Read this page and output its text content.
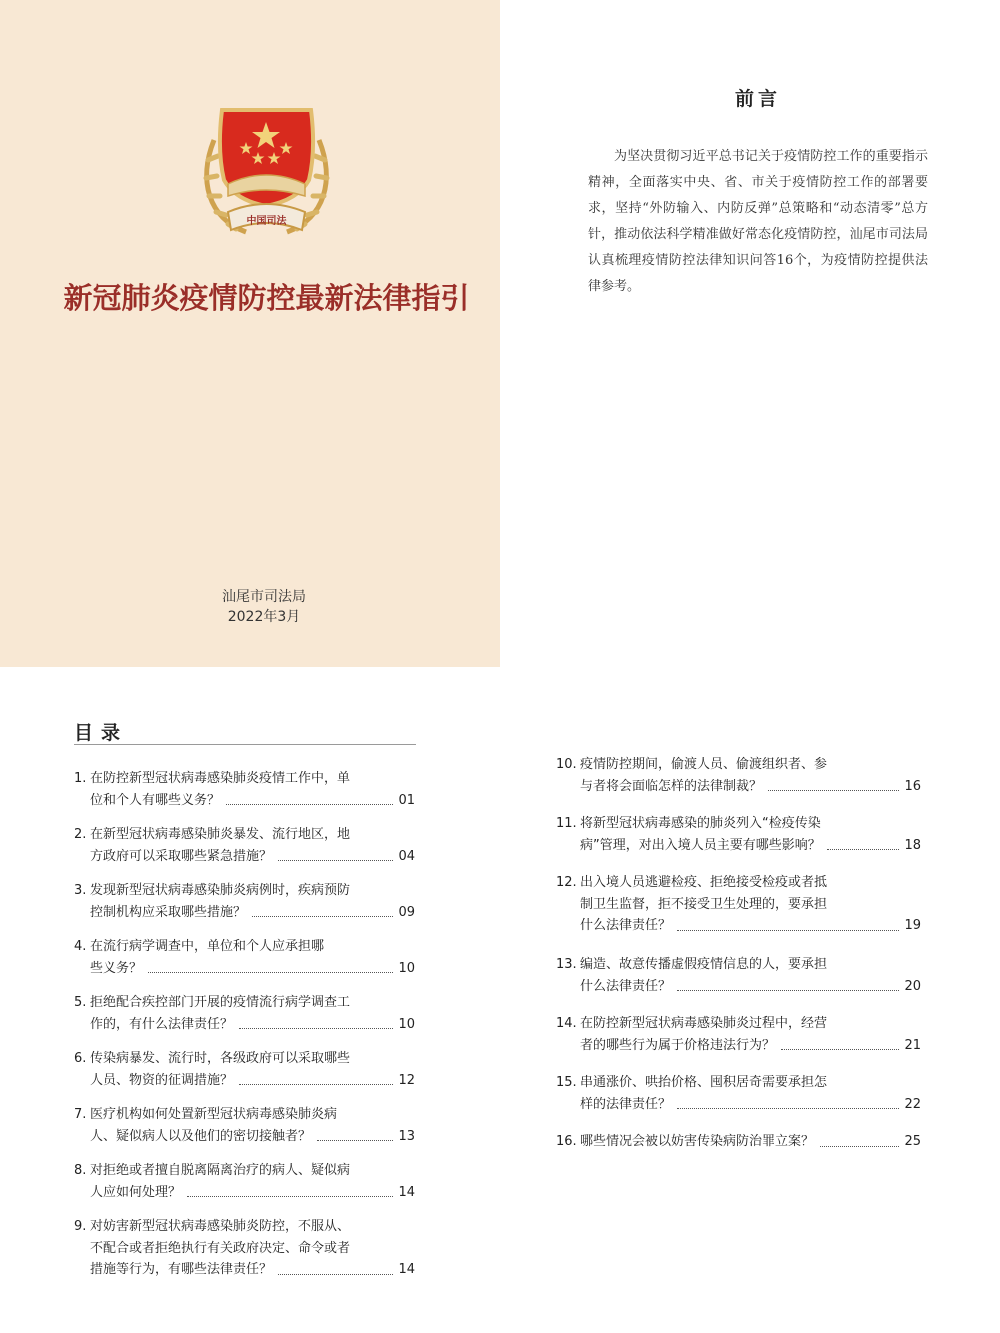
中国司法
新冠肺炎疫情防控最新法律指引
汕尾市司法局
2022年3月
前言

为坚决贯彻习近平总书记关于疫情防控工作的重要指示精神，全面落实中央、省、市关于疫情防控工作的部署要求，坚持“外防输入、内防反弹”总策略和“动态清零”总方针，推动依法科学精准做好常态化疫情防控，汕尾市司法局认真梳理疫情防控法律知识问答16个，为疫情防控提供法律参考。

目录
1. 在防控新型冠状病毒感染肺炎疫情工作中，单
位和个人有哪些义务？	01
2. 在新型冠状病毒感染肺炎暴发、流行地区，地
方政府可以采取哪些紧急措施？	04
3. 发现新型冠状病毒感染肺炎病例时，疾病预防
控制机构应采取哪些措施？	09
4. 在流行病学调查中，单位和个人应承担哪
些义务？	10
5. 拒绝配合疾控部门开展的疫情流行病学调查工
作的，有什么法律责任？	10
6. 传染病暴发、流行时，各级政府可以采取哪些
人员、物资的征调措施？	12
7. 医疗机构如何处置新型冠状病毒感染肺炎病
人、疑似病人以及他们的密切接触者？	13
8. 对拒绝或者擅自脱离隔离治疗的病人、疑似病
人应如何处理？	14
9. 对妨害新型冠状病毒感染肺炎防控，不服从、
不配合或者拒绝执行有关政府决定、命令或者
措施等行为，有哪些法律责任？	14
10. 疫情防控期间，偷渡人员、偷渡组织者、参
与者将会面临怎样的法律制裁？	16
11. 将新型冠状病毒感染的肺炎列入“检疫传染
病”管理，对出入境人员主要有哪些影响？	18
12. 出入境人员逃避检疫、拒绝接受检疫或者抵
制卫生监督，拒不接受卫生处理的，要承担
什么法律责任？	19
13. 编造、故意传播虚假疫情信息的人，要承担
什么法律责任？	20
14. 在防控新型冠状病毒感染肺炎过程中，经营
者的哪些行为属于价格违法行为？	21
15. 串通涨价、哄抬价格、囤积居奇需要承担怎
样的法律责任？	22
16. 哪些情况会被以妨害传染病防治罪立案？	25
